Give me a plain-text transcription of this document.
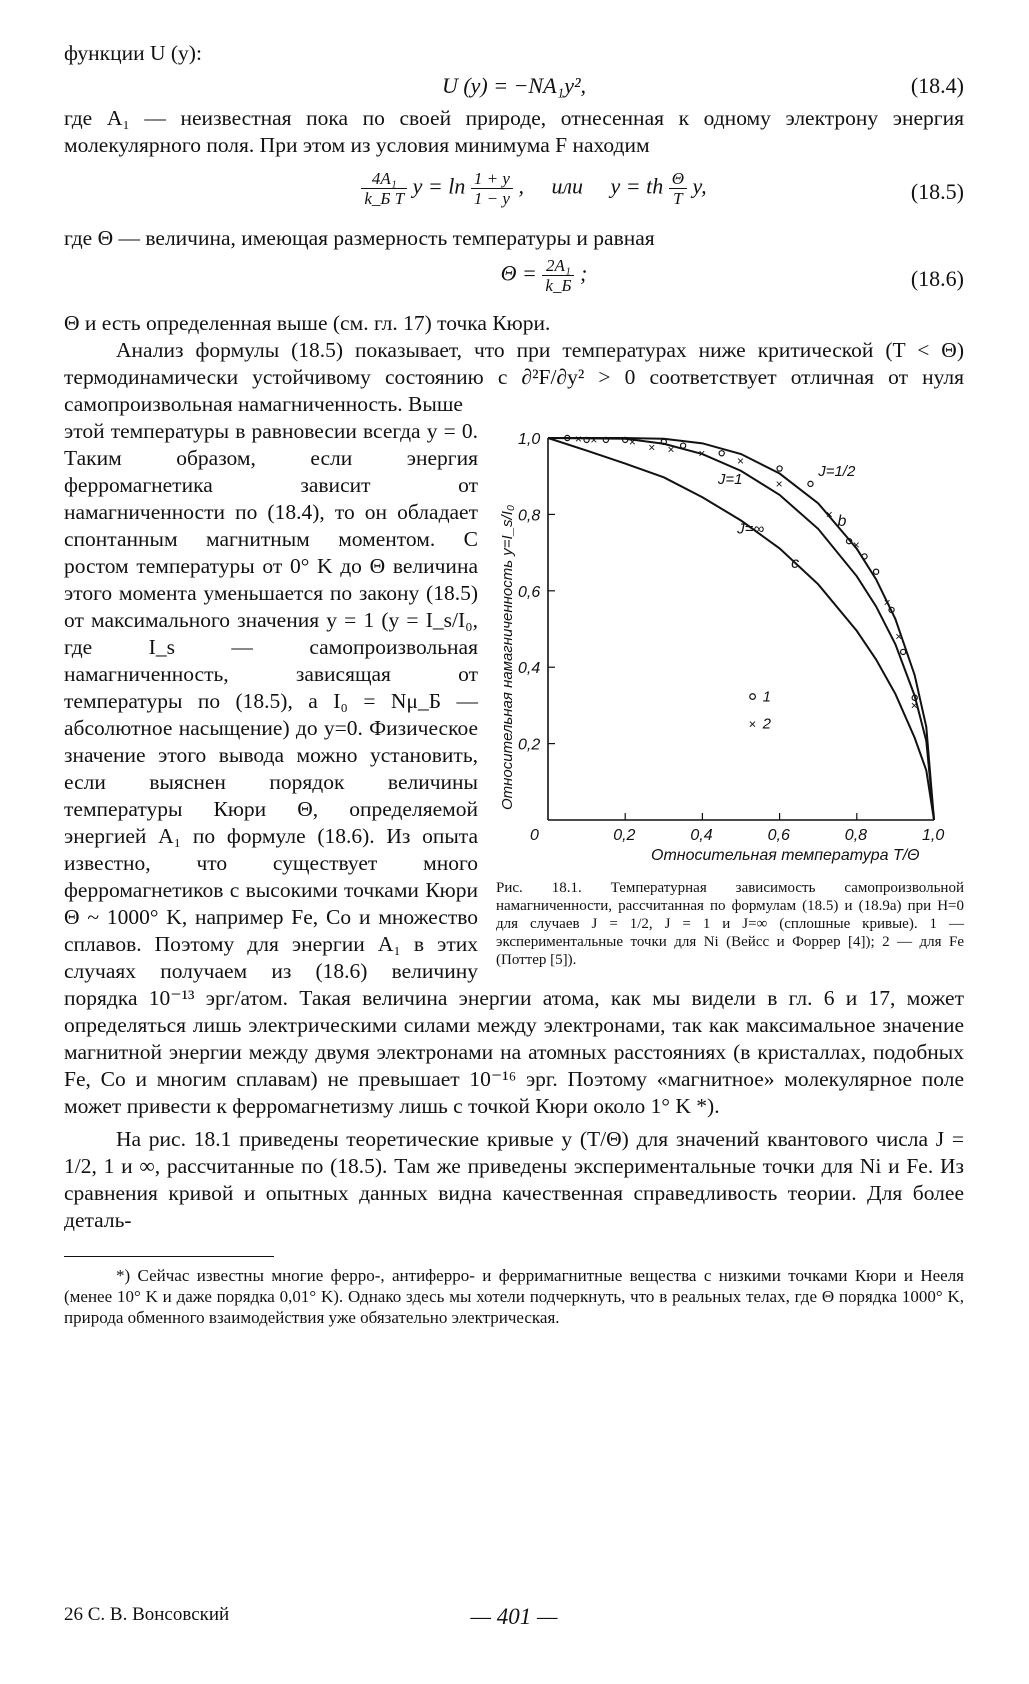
функции U (y):

U (y) = −NA₁y²,	(18.4)

где A₁ — неизвестная пока по своей природе, отнесенная к одному электрону энергия молекулярного поля. При этом из условия минимума F находим

$\frac{\text{4A₁}}{\text{k\_Б T}}$ $y = \ln \frac{1 + y}{1 - y}$ ,     или     y = th $\frac{\Theta}{T} y$,	(18.5)

где Θ — величина, имеющая размерность температуры и равная

$\Theta = \frac{\text{2A₁}}{k\_Б}$ ;	(18.6)

Θ и есть определенная выше (см. гл. 17) точка Кюри.

Анализ формулы (18.5) показывает, что при температурах ниже критической (T < Θ) термодинамически устойчивому состоянию с ∂²F/∂y² > 0 соответствует отличная от нуля самопроизвольная намагниченность. Выше

0	0,2	0,4	0,6	0,8	1,0
0,2
0,4
0,6
0,8
1,0
Относительная температура T/Θ
Относительная намагниченность y=I_s/I₀
J=1/2
J=1
J=∞	b
c
× ×	× × × ×
×
×
×
×
×
×
×
1
× 2

Рис. 18.1. Температурная зависимость самопроизвольной намагниченности, рассчитанная по формулам (18.5) и (18.9а) при H=0 для случаев J = 1/2, J = 1 и J=∞ (сплошные кривые). 1 — экспериментальные точки для Ni (Вейсс и Форрер [4]); 2 — для Fe (Поттер [5]).

этой температуры в равновесии всегда y = 0. Таким образом, если энергия ферромагнетика зависит от намагниченности по (18.4), то он обладает спонтанным магнитным моментом. С ростом температуры от 0° K до Θ величина этого момента уменьшается по закону (18.5) от максимального значения y = 1 (y = I_s/I₀, где I_s — самопроизвольная намагниченность, зависящая от температуры по (18.5), а I₀ = Nμ_Б — абсолютное насыщение) до y=0. Физическое значение этого вывода можно установить, если выяснен порядок величины температуры Кюри Θ, определяемой энергией A₁ по формуле (18.6). Из опыта известно, что существует много ферромагнетиков с высокими точками Кюри Θ ~ 1000° K, например Fe, Co и множество сплавов. Поэтому для энергии A₁ в этих случаях получаем из (18.6) величину порядка 10⁻¹³ эрг/атом. Такая величина энергии атома, как мы видели в гл. 6 и 17, может определяться лишь электрическими силами между электронами, так как максимальное значение магнитной энергии между двумя электронами на атомных расстояниях (в кристаллах, подобных Fe, Co и многим сплавам) не превышает 10⁻¹⁶ эрг. Поэтому «магнитное» молекулярное поле может привести к ферромагнетизму лишь с точкой Кюри около 1° K *).

На рис. 18.1 приведены теоретические кривые y (T/Θ) для значений квантового числа J = 1/2, 1 и ∞, рассчитанные по (18.5). Там же приведены экспериментальные точки для Ni и Fe. Из сравнения кривой и опытных данных видна качественная справедливость теории. Для более деталь-

*) Сейчас известны многие ферро-, антиферро- и ферримагнитные вещества с низкими точками Кюри и Нееля (менее 10° K и даже порядка 0,01° K). Однако здесь мы хотели подчеркнуть, что в реальных телах, где Θ порядка 1000° K, природа обменного взаимодействия уже обязательно электрическая.

26 С. В. Вонсовский	— 401 —
